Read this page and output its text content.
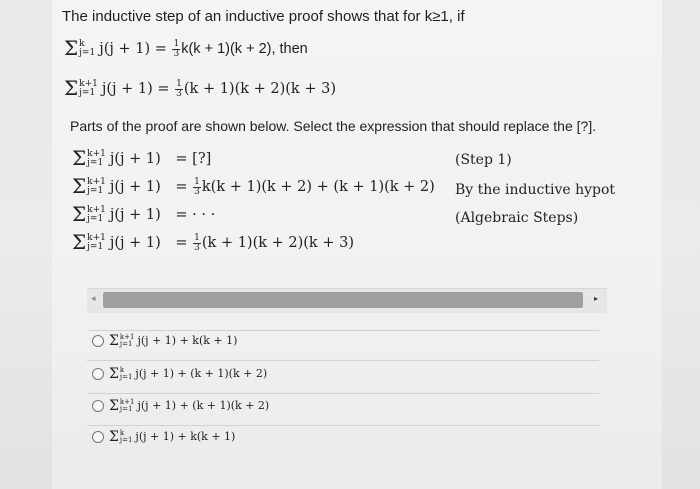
The inductive step of an inductive proof shows that for k≥1, if
Σ k
j=1 $j(j + 1) = \frac{1}{3} k(k + 1)(k + 2)$, then
Σ k+1
j=1 $j(j + 1) = \frac{1}{3} (k + 1)(k + 2)(k + 3)$
Parts of the proof are shown below. Select the expression that should replace the [?].
Σ k+1
j=1 j(j + 1) = [?]	(Step 1)
Σ k+1
j=1 $j(j + 1) = \frac{1}{3} k(k + 1)(k + 2) + (k + 1)(k + 2)$ By the inductive hypot
Σ k+1
j=1 j(j + 1) = · · ·	(Algebraic Steps)
Σ k+1
j=1 $j(j + 1) = \frac{1}{3} (k + 1)(k + 2)(k + 3)$
◂	▸
Σ k+1
j=1 j(j + 1) + k(k + 1)
Σ k
j=1 j(j + 1) + (k + 1)(k + 2)
Σ k+1
j=1 j(j + 1) + (k + 1)(k + 2)
Σ k
j=1 j(j + 1) + k(k + 1)
